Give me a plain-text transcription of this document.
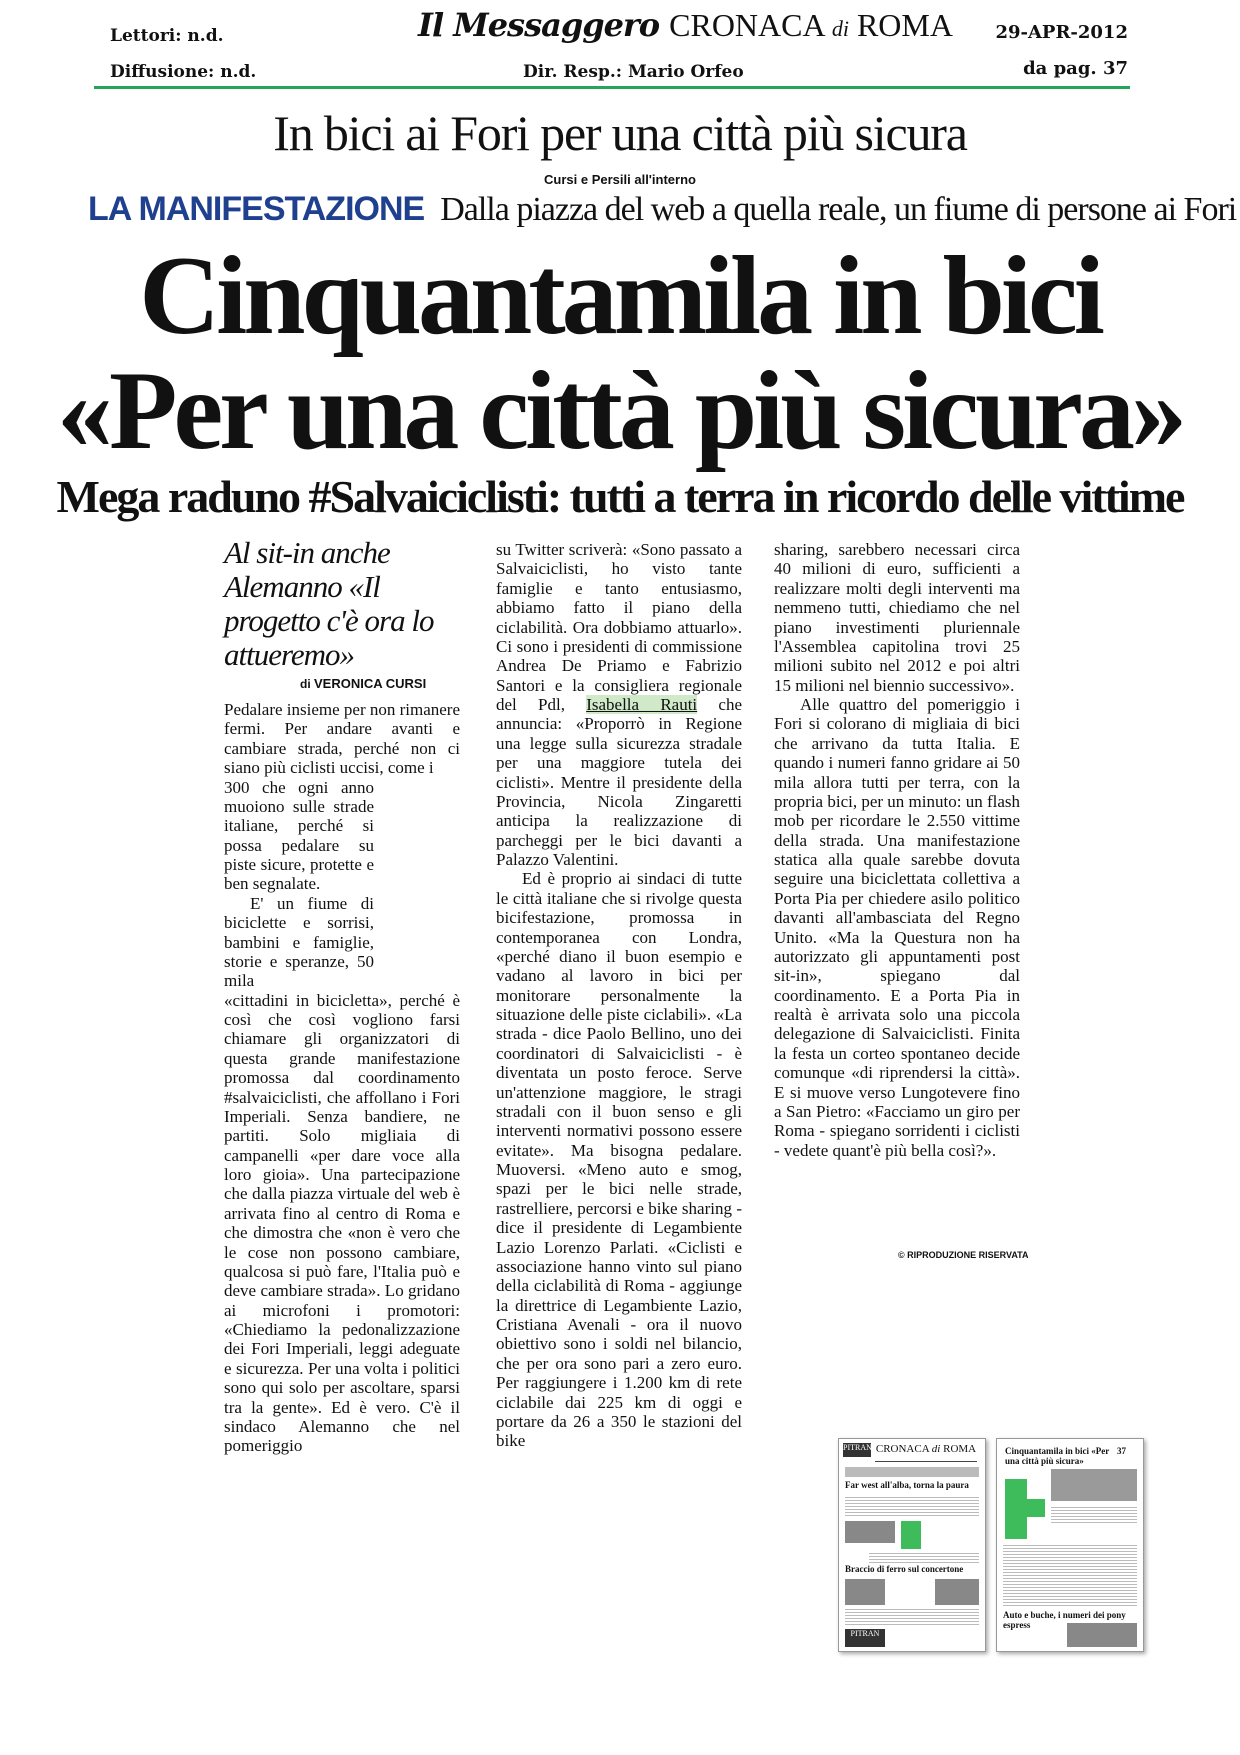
Lettori: n.d.
Diffusione: n.d.
Il Messaggero CRONACA di ROMA 29-APR-2012
Dir. Resp.: Mario Orfeo	da pag. 37
In bici ai Fori per una città più sicura
Cursi e Persili all'interno
LA MANIFESTAZIONE Dalla piazza del web a quella reale, un fiume di persone ai Fori
Cinquantamila in bici
«Per una città più sicura»
Mega raduno #Salvaiciclisti: tutti a terra in ricordo delle vittime
Al sit-in anche Alemanno «Il progetto c'è ora lo attueremo»
di VERONICA CURSI

Pedalare insieme per non rimanere fermi. Per andare avanti e cambiare strada, perché non ci siano più ciclisti uccisi, come i

300 che ogni anno muoiono sulle strade italiane, perché si possa pedalare su piste sicure, protette e ben segnalate.

E' un fiume di biciclette e sorrisi, bambini e famiglie, storie e speranze, 50 mila

«cittadini in bicicletta», perché è così che così vogliono farsi chiamare gli organizzatori di questa grande manifestazione promossa dal coordinamento #salvaiciclisti, che affollano i Fori Imperiali. Senza bandiere, ne partiti. Solo migliaia di campanelli «per dare voce alla loro gioia». Una partecipazione che dalla piazza virtuale del web è arrivata fino al centro di Roma e che dimostra che «non è vero che le cose non possono cambiare, qualcosa si può fare, l'Italia può e deve cambiare strada». Lo gridano ai microfoni i promotori: «Chiediamo la pedonalizzazione dei Fori Imperiali, leggi adeguate e sicurezza. Per una volta i politici sono qui solo per ascoltare, sparsi tra la gente». Ed è vero. C'è il sindaco Alemanno che nel pomeriggio

su Twitter scriverà: «Sono passato a Salvaiciclisti, ho visto tante famiglie e tanto entusiasmo, abbiamo fatto il piano della ciclabilità. Ora dobbiamo attuarlo». Ci sono i presidenti di commissione Andrea De Priamo e Fabrizio Santori e la consigliera regionale del Pdl, Isabella Rauti che annuncia: «Proporrò in Regione una legge sulla sicurezza stradale per una maggiore tutela dei ciclisti». Mentre il presidente della Provincia, Nicola Zingaretti anticipa la realizzazione di parcheggi per le bici davanti a Palazzo Valentini.

Ed è proprio ai sindaci di tutte le città italiane che si rivolge questa bicifestazione, promossa in contemporanea con Londra, «perché diano il buon esempio e vadano al lavoro in bici per monitorare personalmente la situazione delle piste ciclabili». «La strada - dice Paolo Bellino, uno dei coordinatori di Salvaiciclisti - è diventata un posto feroce. Serve un'attenzione maggiore, le stragi stradali con il buon senso e gli interventi normativi possono essere evitate». Ma bisogna pedalare. Muoversi. «Meno auto e smog, spazi per le bici nelle strade, rastrelliere, percorsi e bike sharing - dice il presidente di Legambiente Lazio Lorenzo Parlati. «Ciclisti e associazione hanno vinto sul piano della ciclabilità di Roma - aggiunge la direttrice di Legambiente Lazio, Cristiana Avenali - ora il nuovo obiettivo sono i soldi nel bilancio, che per ora sono pari a zero euro. Per raggiungere i 1.200 km di rete ciclabile dai 225 km di oggi e portare da 26 a 350 le stazioni del bike

sharing, sarebbero necessari circa 40 milioni di euro, sufficienti a realizzare molti degli interventi ma nemmeno tutti, chiediamo che nel piano investimenti pluriennale l'Assemblea capitolina trovi 25 milioni subito nel 2012 e poi altri 15 milioni nel biennio successivo».

Alle quattro del pomeriggio i Fori si colorano di migliaia di bici che arrivano da tutta Italia. E quando i numeri fanno gridare ai 50 mila allora tutti per terra, con la propria bici, per un minuto: un flash mob per ricordare le 2.550 vittime della strada. Una manifestazione statica alla quale sarebbe dovuta seguire una biciclettata collettiva a Porta Pia per chiedere asilo politico davanti all'ambasciata del Regno Unito. «Ma la Questura non ha autorizzato gli appuntamenti post sit-in», spiegano dal coordinamento. E a Porta Pia in realtà è arrivata solo una piccola delegazione di Salvaiciclisti. Finita la festa un corteo spontaneo decide comunque «di riprendersi la città». E si muove verso Lungotevere fino a San Pietro: «Facciamo un giro per Roma - spiegano sorridenti i ciclisti - vedete quant'è più bella così?».

© RIPRODUZIONE RISERVATA
PITRAN CRONACA di ROMA
Far west all'alba, torna la paura
Braccio di ferro sul concertone
PITRAN
Cinquantamila in bici «Per una città più sicura»
37
Auto e buche, i numeri dei pony espress
